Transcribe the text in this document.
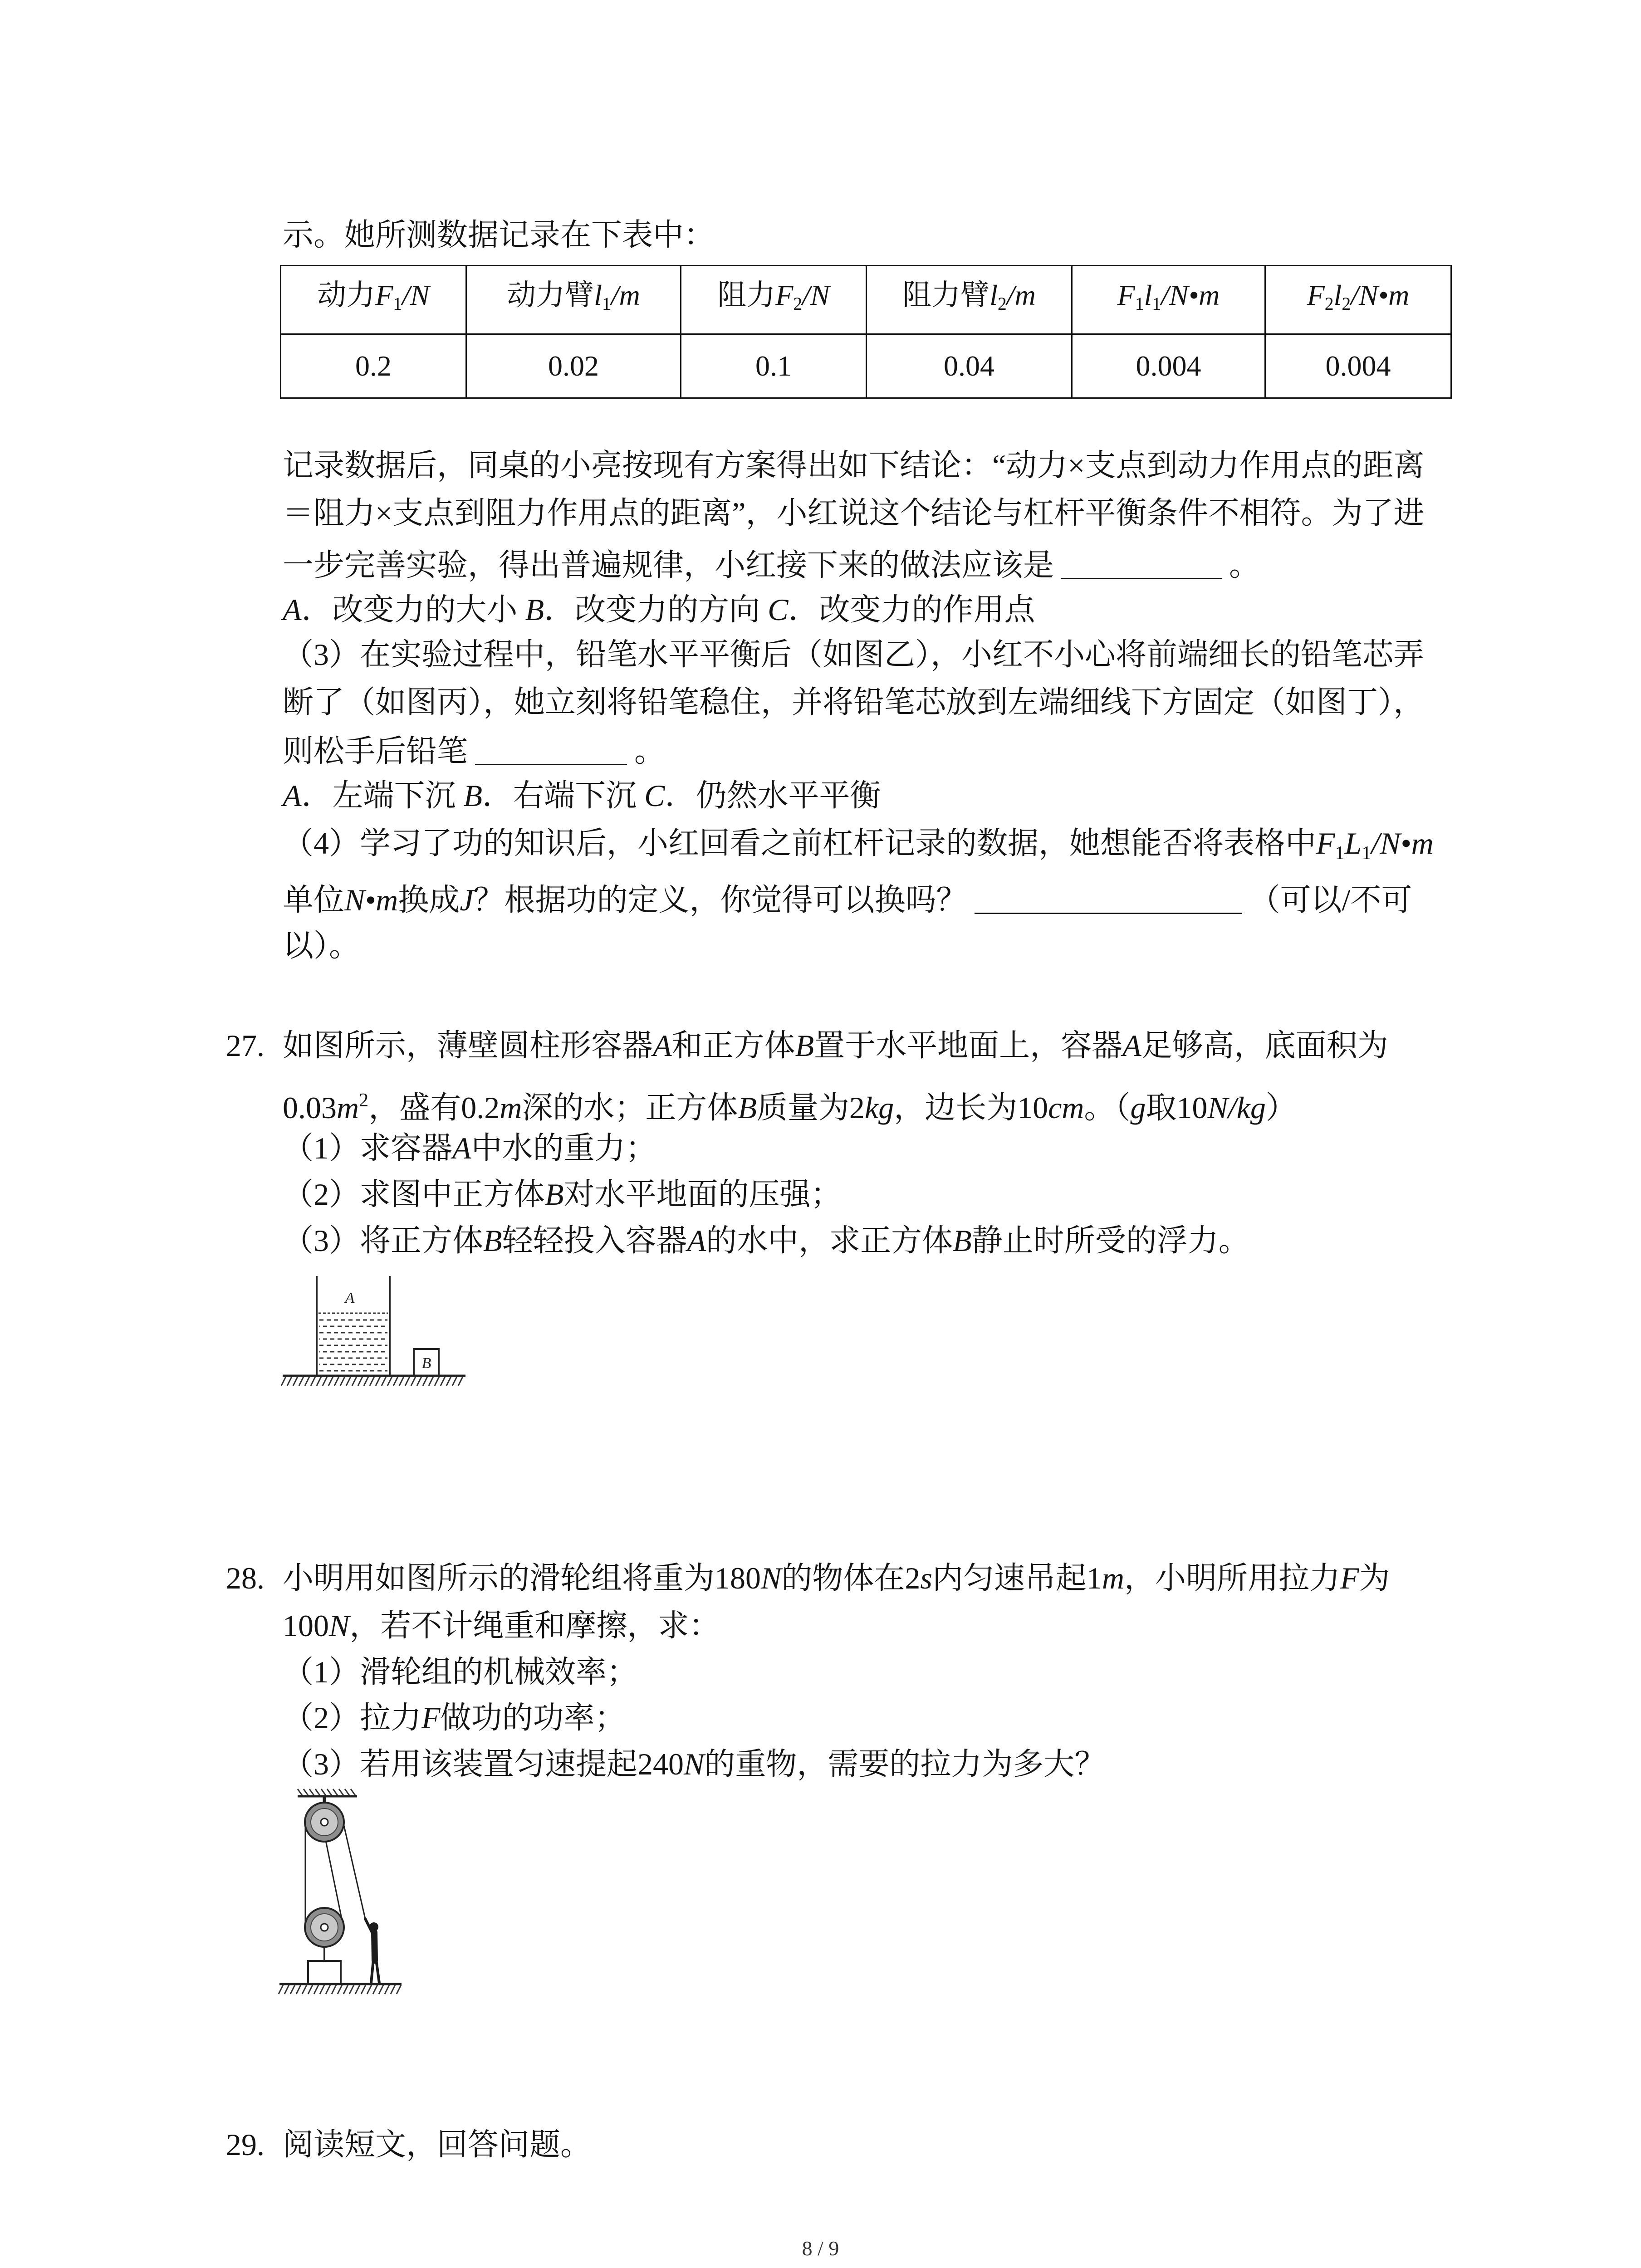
示。她所测数据记录在下表中：
动力F1/N	动力臂l1/m	阻力F2/N	阻力臂l2/m	F1l1/N•m	F2l2/N•m
0.2	0.02	0.1	0.04	0.004	0.004
记录数据后，同桌的小亮按现有方案得出如下结论：“动力×支点到动力作用点的距离
＝阻力×支点到阻力作用点的距离”，小红说这个结论与杠杆平衡条件不相符。为了进
一步完善实验，得出普遍规律，小红接下来的做法应该是	。
A．改变力的大小 B．改变力的方向 C．改变力的作用点
（3）在实验过程中，铅笔水平平衡后（如图乙），小红不小心将前端细长的铅笔芯弄
断了（如图丙），她立刻将铅笔稳住，并将铅笔芯放到左端细线下方固定（如图丁），
则松手后铅笔	。
A．左端下沉 B．右端下沉 C．仍然水平平衡
（4）学习了功的知识后，小红回看之前杠杆记录的数据，她想能否将表格中F1L1/N•m
单位N•m换成J？根据功的定义，你觉得可以换吗？	（可以/不可
以）。
27. 如图所示，薄壁圆柱形容器A和正方体B置于水平地面上，容器A足够高，底面积为
$0.03m^2$，盛有0.2m深的水；正方体B质量为2kg，边长为10cm。（g取10N/kg）
（1）求容器A中水的重力；
（2）求图中正方体B对水平地面的压强；
（3）将正方体B轻轻投入容器A的水中，求正方体B静止时所受的浮力。
A
B
28. 小明用如图所示的滑轮组将重为180N的物体在2s内匀速吊起1m，小明所用拉力F为
100N，若不计绳重和摩擦，求：
（1）滑轮组的机械效率；
（2）拉力F做功的功率；
（3）若用该装置匀速提起240N的重物，需要的拉力为多大？
29. 阅读短文，回答问题。
8 / 9
